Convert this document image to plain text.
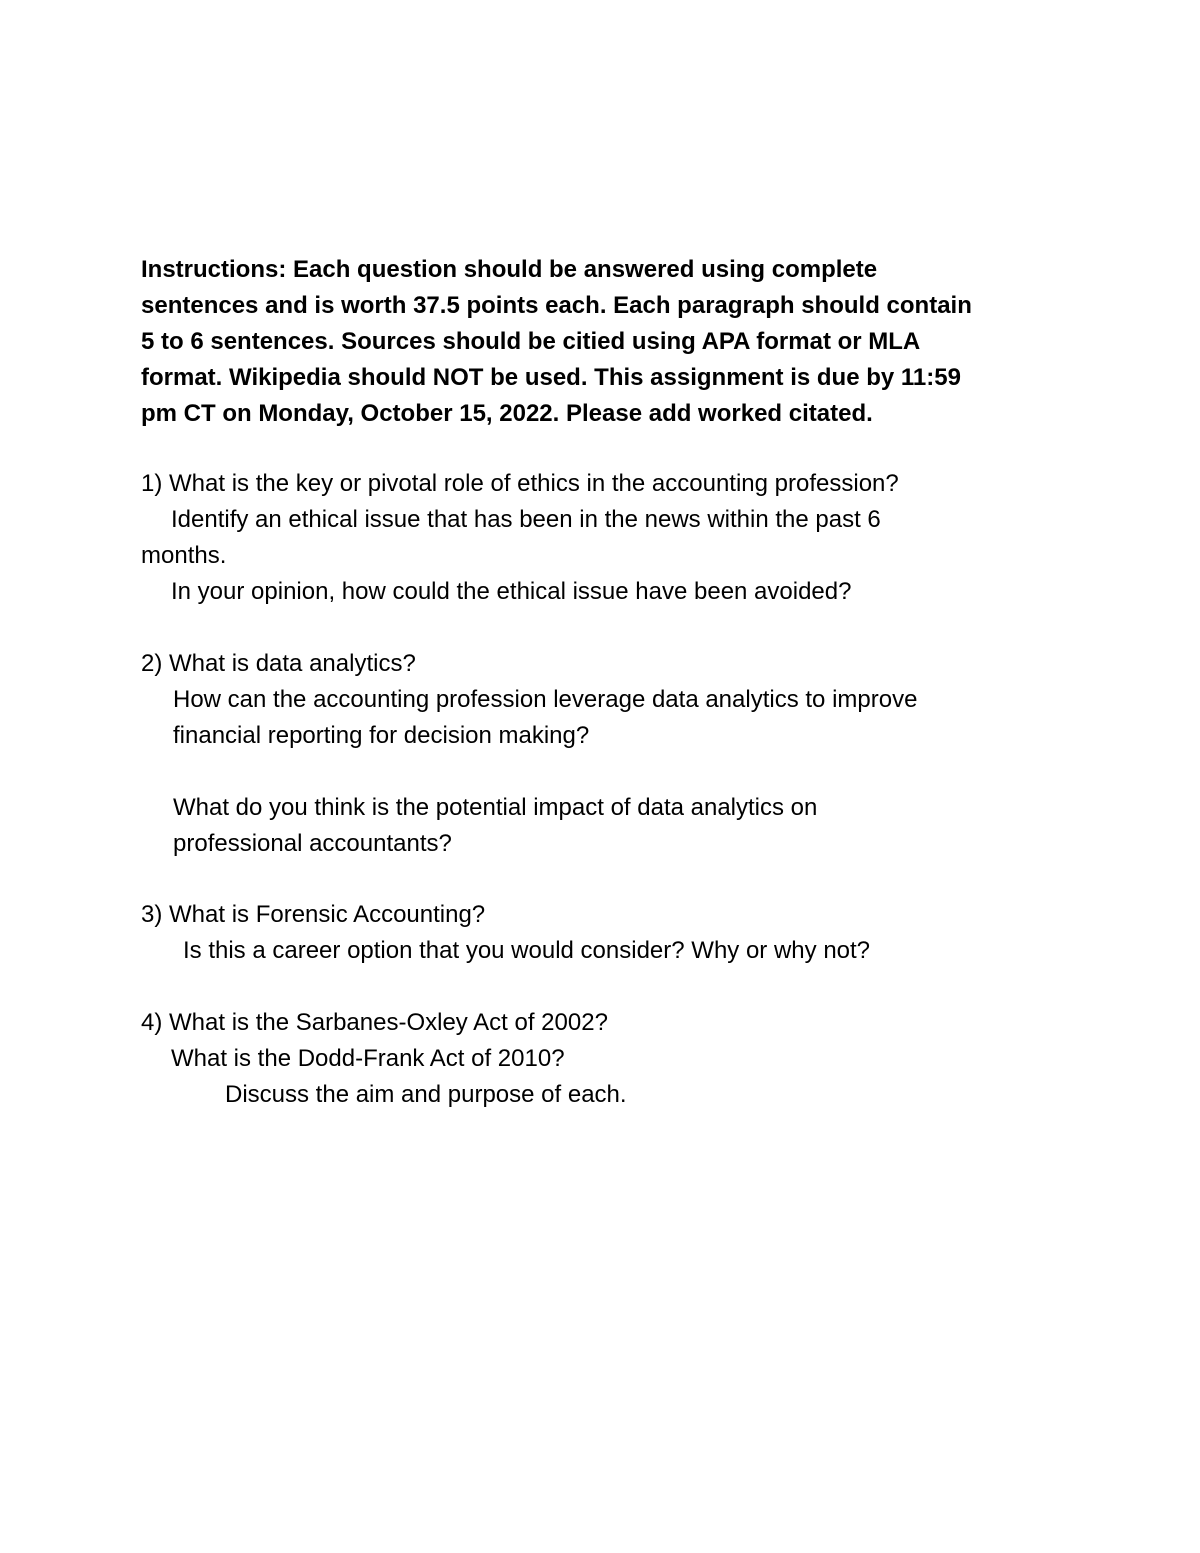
Instructions: Each question should be answered using complete
sentences and is worth 37.5 points each. Each paragraph should contain
5 to 6 sentences. Sources should be citied using APA format or MLA
format. Wikipedia should NOT be used. This assignment is due by 11:59
pm CT on Monday, October 15, 2022. Please add worked citated.
1) What is the key or pivotal role of ethics in the accounting profession?
Identify an ethical issue that has been in the news within the past 6
months.
In your opinion, how could the ethical issue have been avoided?
2) What is data analytics?
How can the accounting profession leverage data analytics to improve
financial reporting for decision making?
What do you think is the potential impact of data analytics on
professional accountants?
3) What is Forensic Accounting?
Is this a career option that you would consider? Why or why not?
4) What is the Sarbanes-Oxley Act of 2002?
What is the Dodd-Frank Act of 2010?
Discuss the aim and purpose of each.
